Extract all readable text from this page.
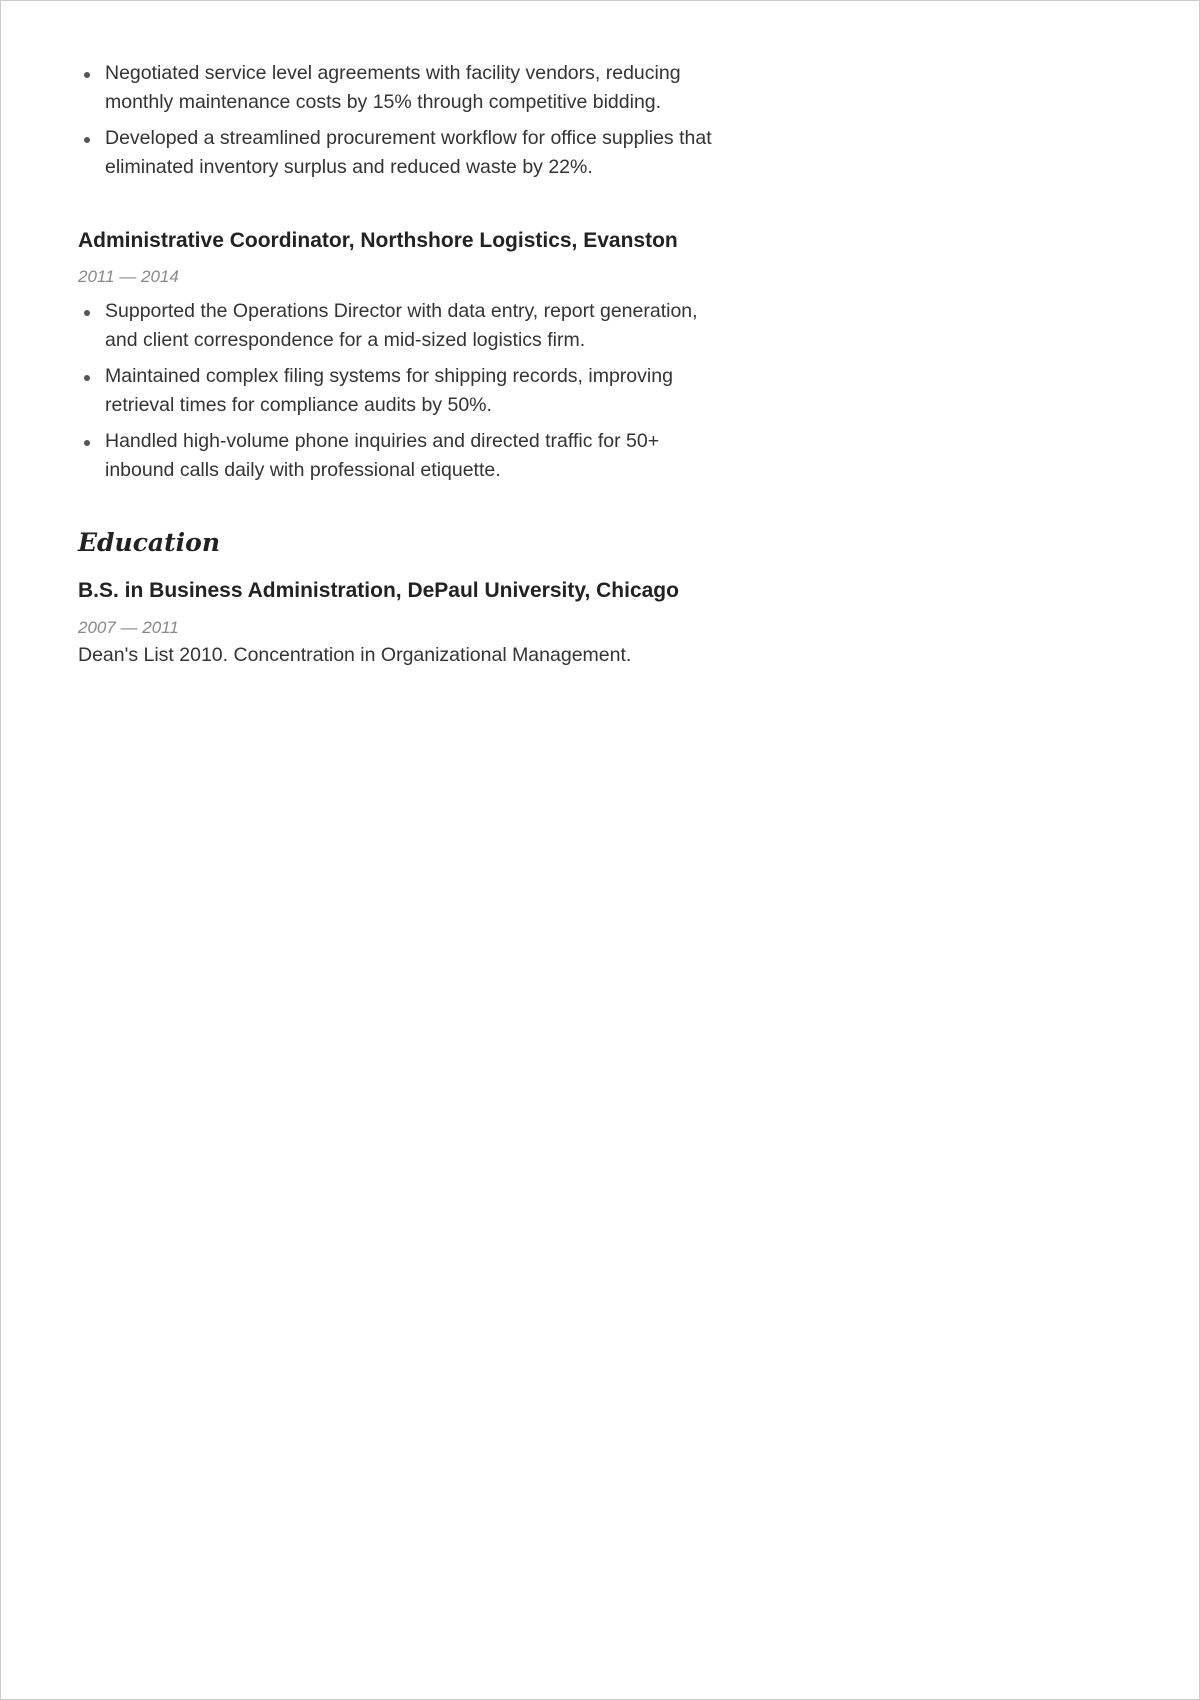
Negotiated service level agreements with facility vendors, reducing monthly maintenance costs by 15% through competitive bidding.
Developed a streamlined procurement workflow for office supplies that eliminated inventory surplus and reduced waste by 22%.
Administrative Coordinator, Northshore Logistics, Evanston
2011 — 2014
Supported the Operations Director with data entry, report generation, and client correspondence for a mid-sized logistics firm.
Maintained complex filing systems for shipping records, improving retrieval times for compliance audits by 50%.
Handled high-volume phone inquiries and directed traffic for 50+ inbound calls daily with professional etiquette.
Education
B.S. in Business Administration, DePaul University, Chicago
2007 — 2011
Dean's List 2010. Concentration in Organizational Management.
